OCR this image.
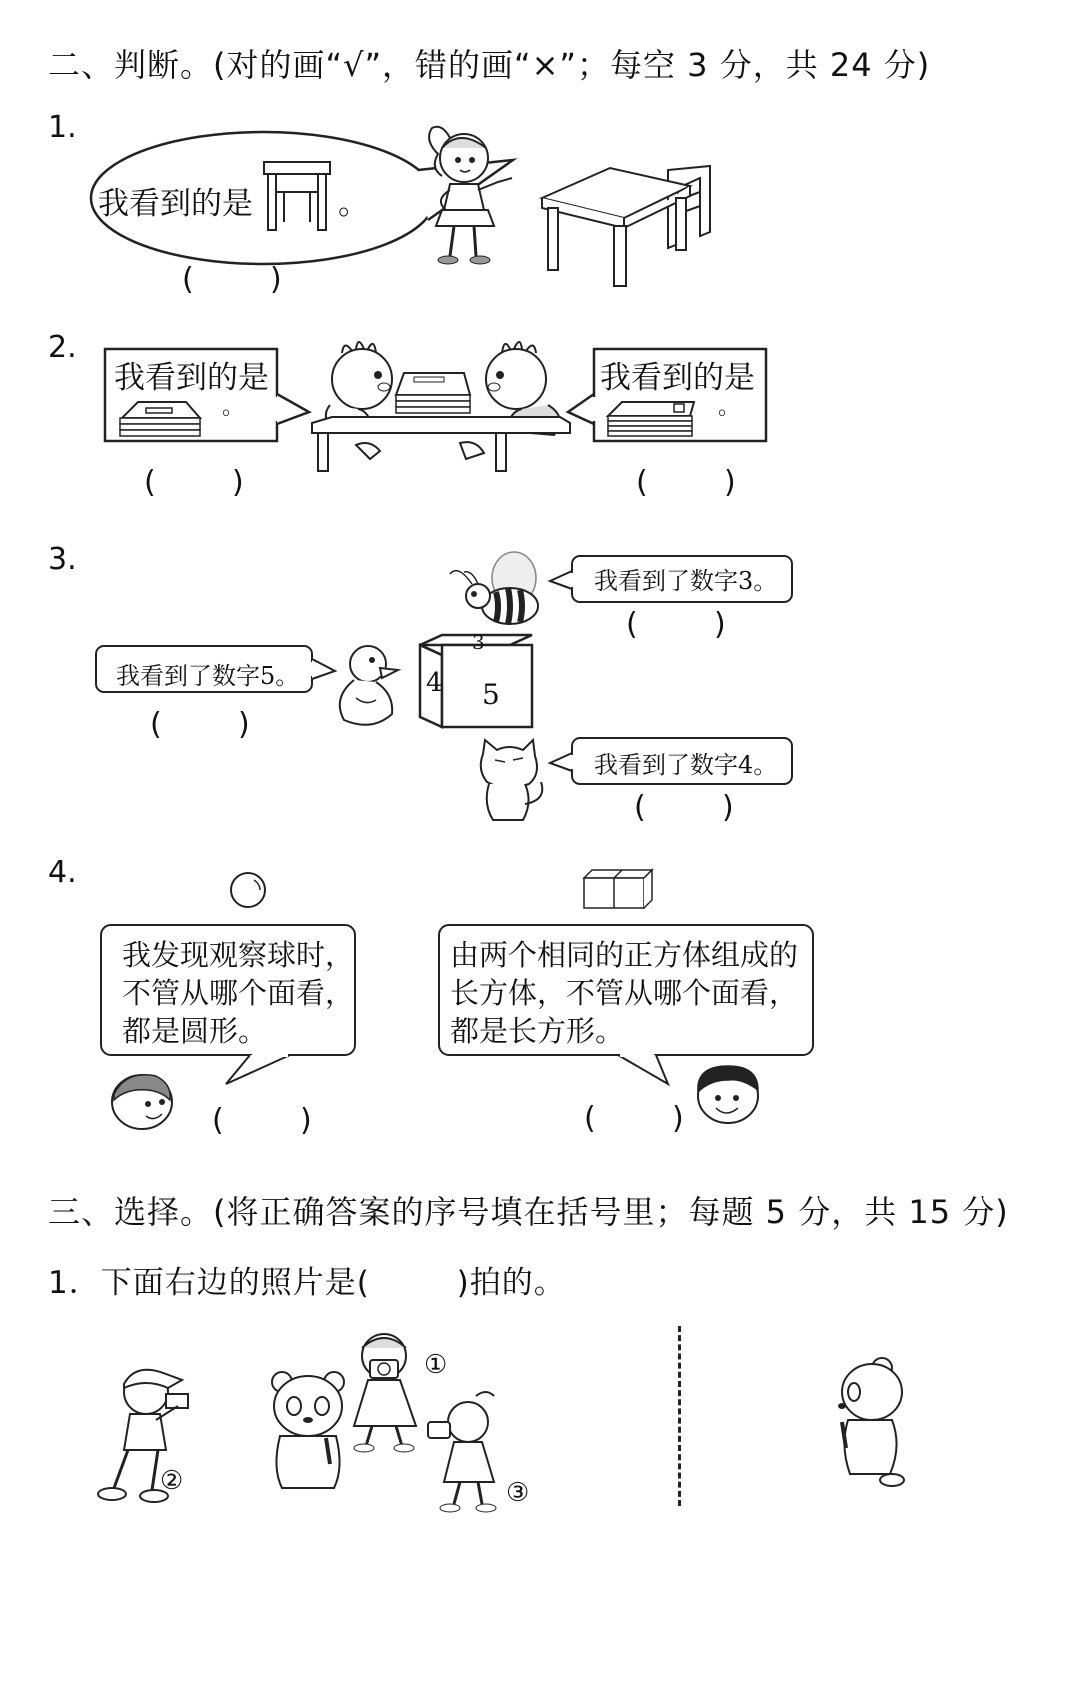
二、判断。(对的画“√”，错的画“×”；每空 3 分，共 24 分)
1.
我看到的是	。
(        )
2.
我看到的是
。
我看到的是
。
(        )	(        )
3.
我看到了数字3。
(        )
我看到了数字5。
3
4 5
(        )
我看到了数字4。
(        )
4.
我发现观察球时，
不管从哪个面看，
都是圆形。
由两个相同的正方体组成的
长方体，不管从哪个面看，
都是长方形。
(        )	(        )
三、选择。(将正确答案的序号填在括号里；每题 5 分，共 15 分)
1．下面右边的照片是(        )拍的。
②
①
③
